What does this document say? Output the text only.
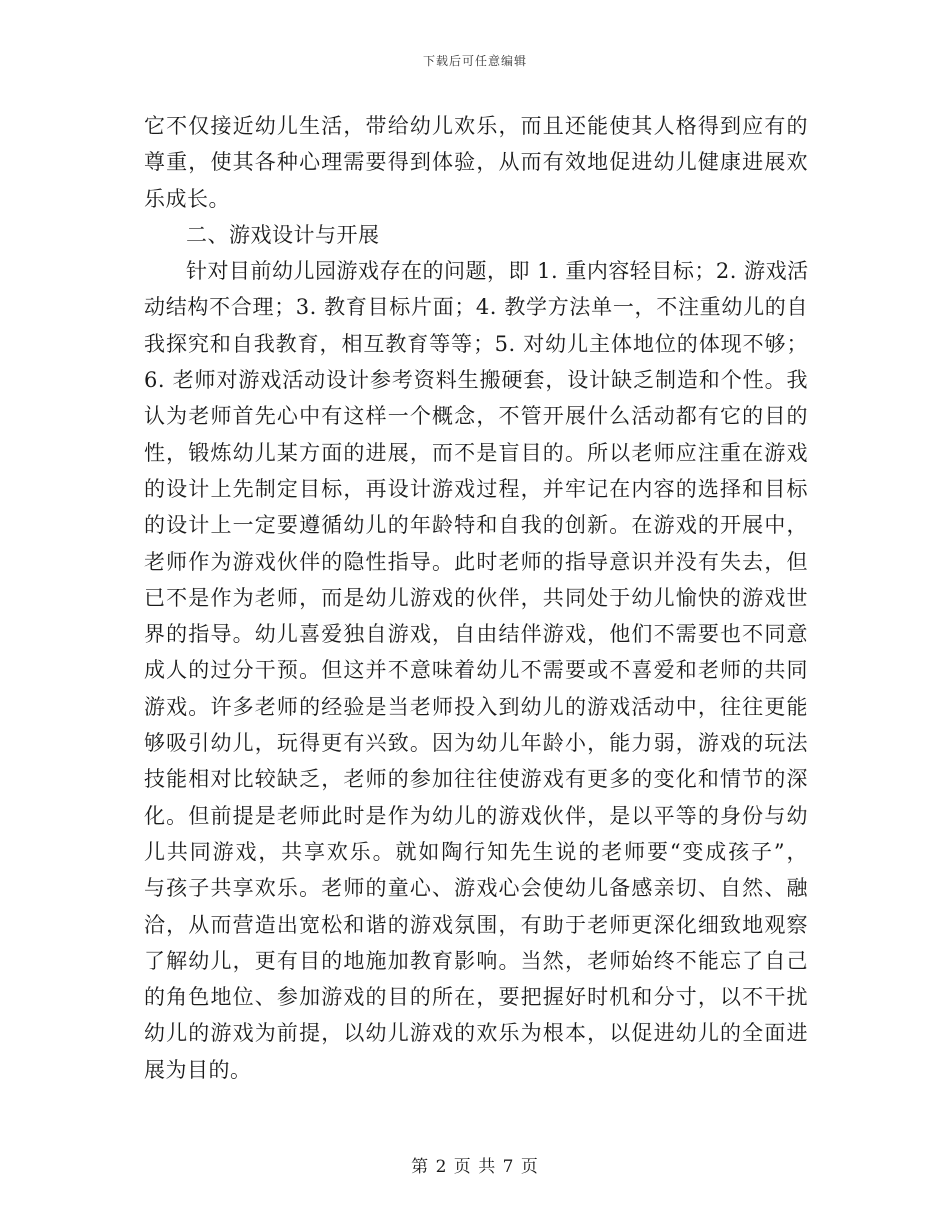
下载后可任意编辑
它不仅接近幼儿生活，带给幼儿欢乐，而且还能使其人格得到应有的
尊重，使其各种心理需要得到体验，从而有效地促进幼儿健康进展欢
乐成长。
二、游戏设计与开展
针对目前幼儿园游戏存在的问题，即 1. 重内容轻目标；2. 游戏活
动结构不合理；3. 教育目标片面；4. 教学方法单一，不注重幼儿的自
我探究和自我教育，相互教育等等；5. 对幼儿主体地位的体现不够；
6. 老师对游戏活动设计参考资料生搬硬套，设计缺乏制造和个性。我
认为老师首先心中有这样一个概念，不管开展什么活动都有它的目的
性，锻炼幼儿某方面的进展，而不是盲目的。所以老师应注重在游戏
的设计上先制定目标，再设计游戏过程，并牢记在内容的选择和目标
的设计上一定要遵循幼儿的年龄特和自我的创新。在游戏的开展中，
老师作为游戏伙伴的隐性指导。此时老师的指导意识并没有失去，但
已不是作为老师，而是幼儿游戏的伙伴，共同处于幼儿愉快的游戏世
界的指导。幼儿喜爱独自游戏，自由结伴游戏，他们不需要也不同意
成人的过分干预。但这并不意味着幼儿不需要或不喜爱和老师的共同
游戏。许多老师的经验是当老师投入到幼儿的游戏活动中，往往更能
够吸引幼儿，玩得更有兴致。因为幼儿年龄小，能力弱，游戏的玩法
技能相对比较缺乏，老师的参加往往使游戏有更多的变化和情节的深
化。但前提是老师此时是作为幼儿的游戏伙伴，是以平等的身份与幼
儿共同游戏，共享欢乐。就如陶行知先生说的老师要“变成孩子”，
与孩子共享欢乐。老师的童心、游戏心会使幼儿备感亲切、自然、融
洽，从而营造出宽松和谐的游戏氛围，有助于老师更深化细致地观察
了解幼儿，更有目的地施加教育影响。当然，老师始终不能忘了自己
的角色地位、参加游戏的目的所在，要把握好时机和分寸，以不干扰
幼儿的游戏为前提，以幼儿游戏的欢乐为根本，以促进幼儿的全面进
展为目的。
第 2 页 共 7 页
